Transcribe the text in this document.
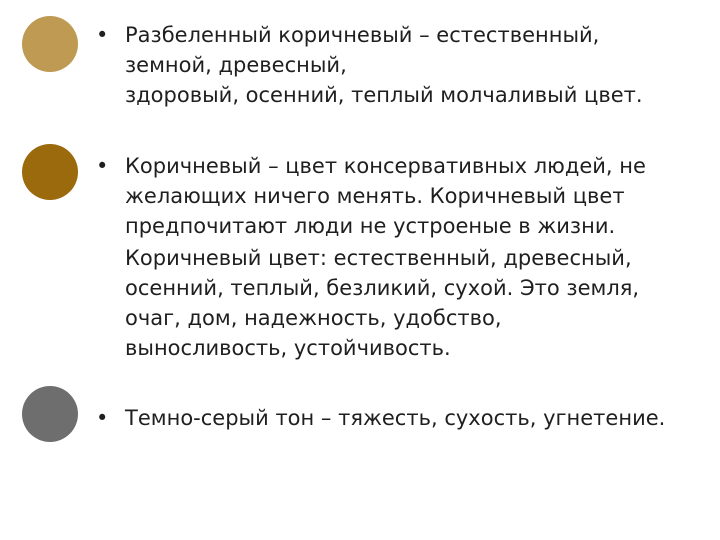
• Разбеленный коричневый – естественный,
земной, древесный,
здоровый, осенний, теплый молчаливый цвет.
• Коричневый – цвет консервативных людей, не
желающих ничего менять. Коричневый цвет
предпочитают люди не устроеные в жизни.
Коричневый цвет: естественный, древесный,
осенний, теплый, безликий, сухой. Это земля,
очаг, дом, надежность, удобство,
выносливость, устойчивость.
• Темно-серый тон – тяжесть, сухость, угнетение.
